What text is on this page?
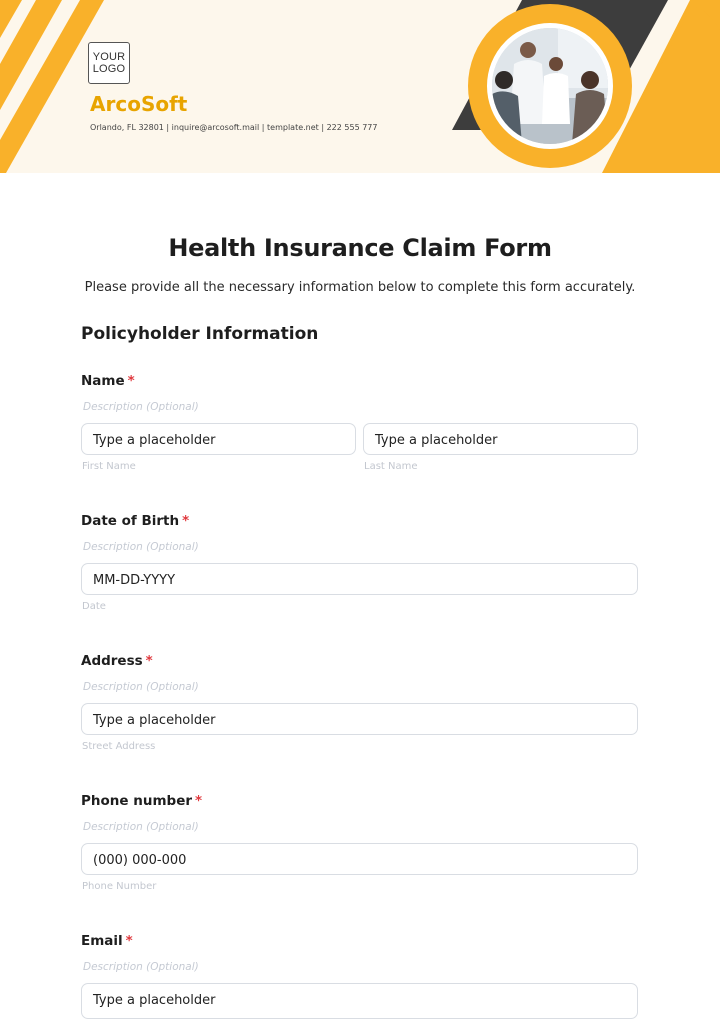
YOUR
LOGO
ArcoSoft
Orlando, FL 32801 | inquire@arcosoft.mail | template.net | 222 555 777
Health Insurance Claim Form

Please provide all the necessary information below to complete this form accurately.

Policyholder Information
Name *
Description (Optional)
Type a placeholder
First Name
Type a placeholder
Last Name
Date of Birth *
Description (Optional)
MM-DD-YYYY
Date
Address *
Description (Optional)
Type a placeholder
Street Address
Phone number *
Description (Optional)
(000) 000-000
Phone Number
Email *
Description (Optional)
Type a placeholder
